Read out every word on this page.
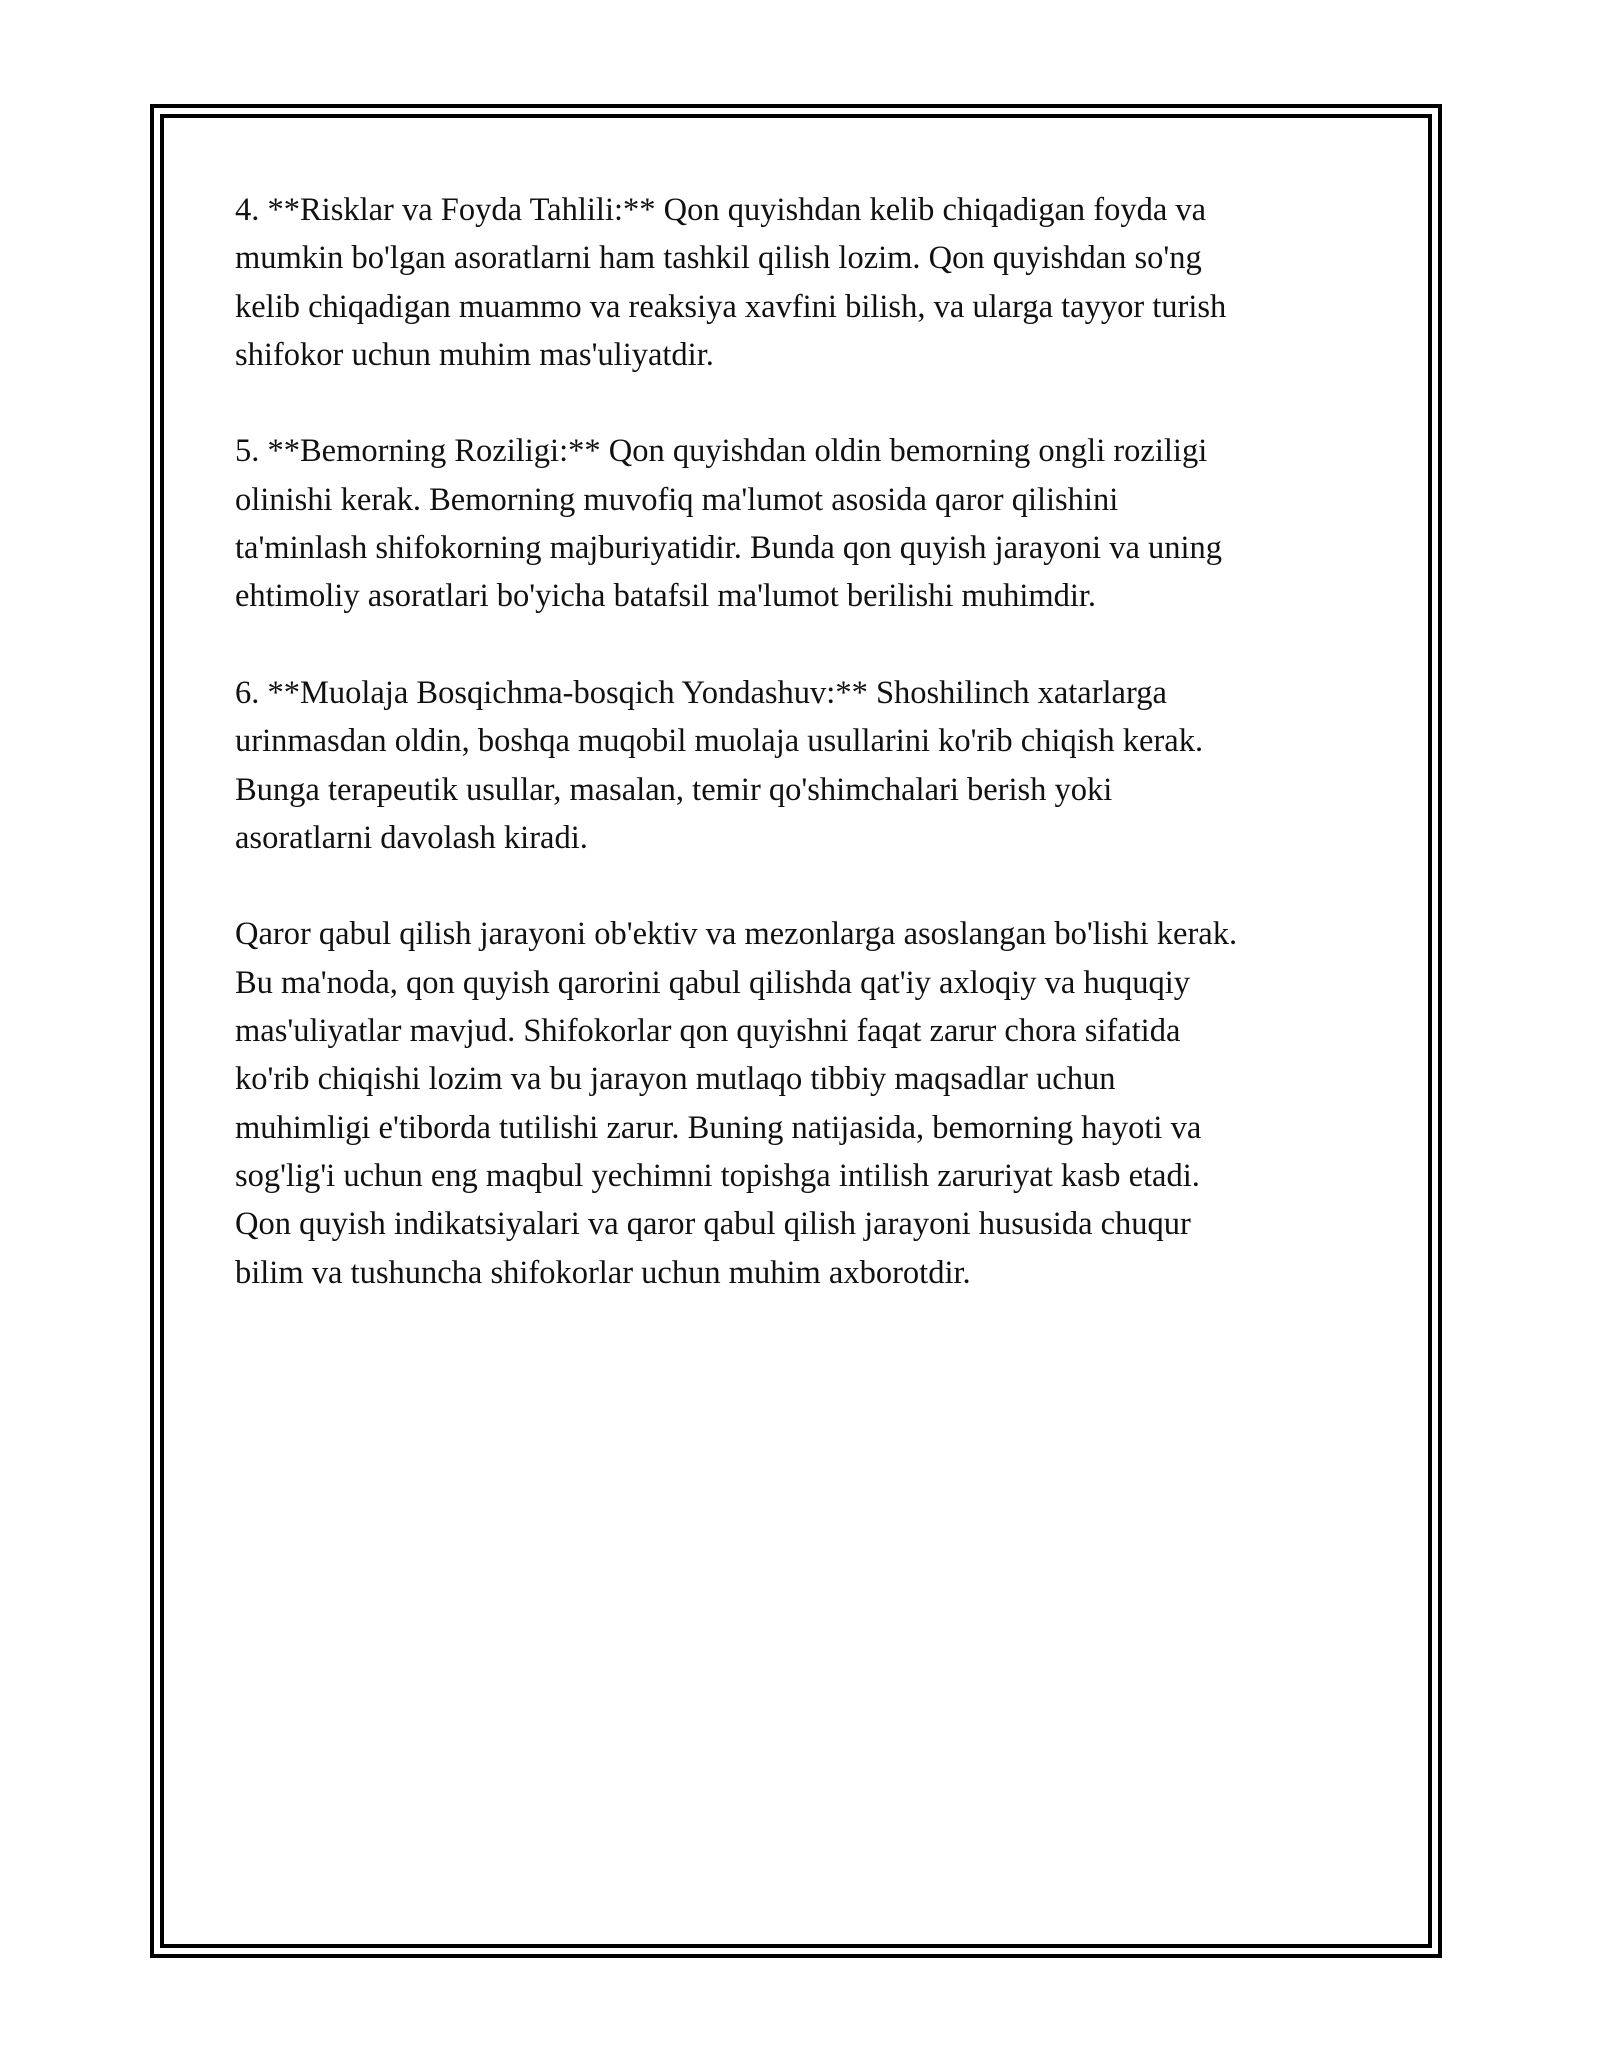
4. **Risklar va Foyda Tahlili:** Qon quyishdan kelib chiqadigan foyda va
mumkin bo'lgan asoratlarni ham tashkil qilish lozim. Qon quyishdan so'ng
kelib chiqadigan muammo va reaksiya xavfini bilish, va ularga tayyor turish
shifokor uchun muhim mas'uliyatdir.

5. **Bemorning Roziligi:** Qon quyishdan oldin bemorning ongli roziligi
olinishi kerak. Bemorning muvofiq ma'lumot asosida qaror qilishini
ta'minlash shifokorning majburiyatidir. Bunda qon quyish jarayoni va uning
ehtimoliy asoratlari bo'yicha batafsil ma'lumot berilishi muhimdir.

6. **Muolaja Bosqichma-bosqich Yondashuv:** Shoshilinch xatarlarga
urinmasdan oldin, boshqa muqobil muolaja usullarini ko'rib chiqish kerak.
Bunga terapeutik usullar, masalan, temir qo'shimchalari berish yoki
asoratlarni davolash kiradi.

Qaror qabul qilish jarayoni ob'ektiv va mezonlarga asoslangan bo'lishi kerak.
Bu ma'noda, qon quyish qarorini qabul qilishda qat'iy axloqiy va huquqiy
mas'uliyatlar mavjud. Shifokorlar qon quyishni faqat zarur chora sifatida
ko'rib chiqishi lozim va bu jarayon mutlaqo tibbiy maqsadlar uchun
muhimligi e'tiborda tutilishi zarur. Buning natijasida, bemorning hayoti va
sog'lig'i uchun eng maqbul yechimni topishga intilish zaruriyat kasb etadi.
Qon quyish indikatsiyalari va qaror qabul qilish jarayoni hususida chuqur
bilim va tushuncha shifokorlar uchun muhim axborotdir.
